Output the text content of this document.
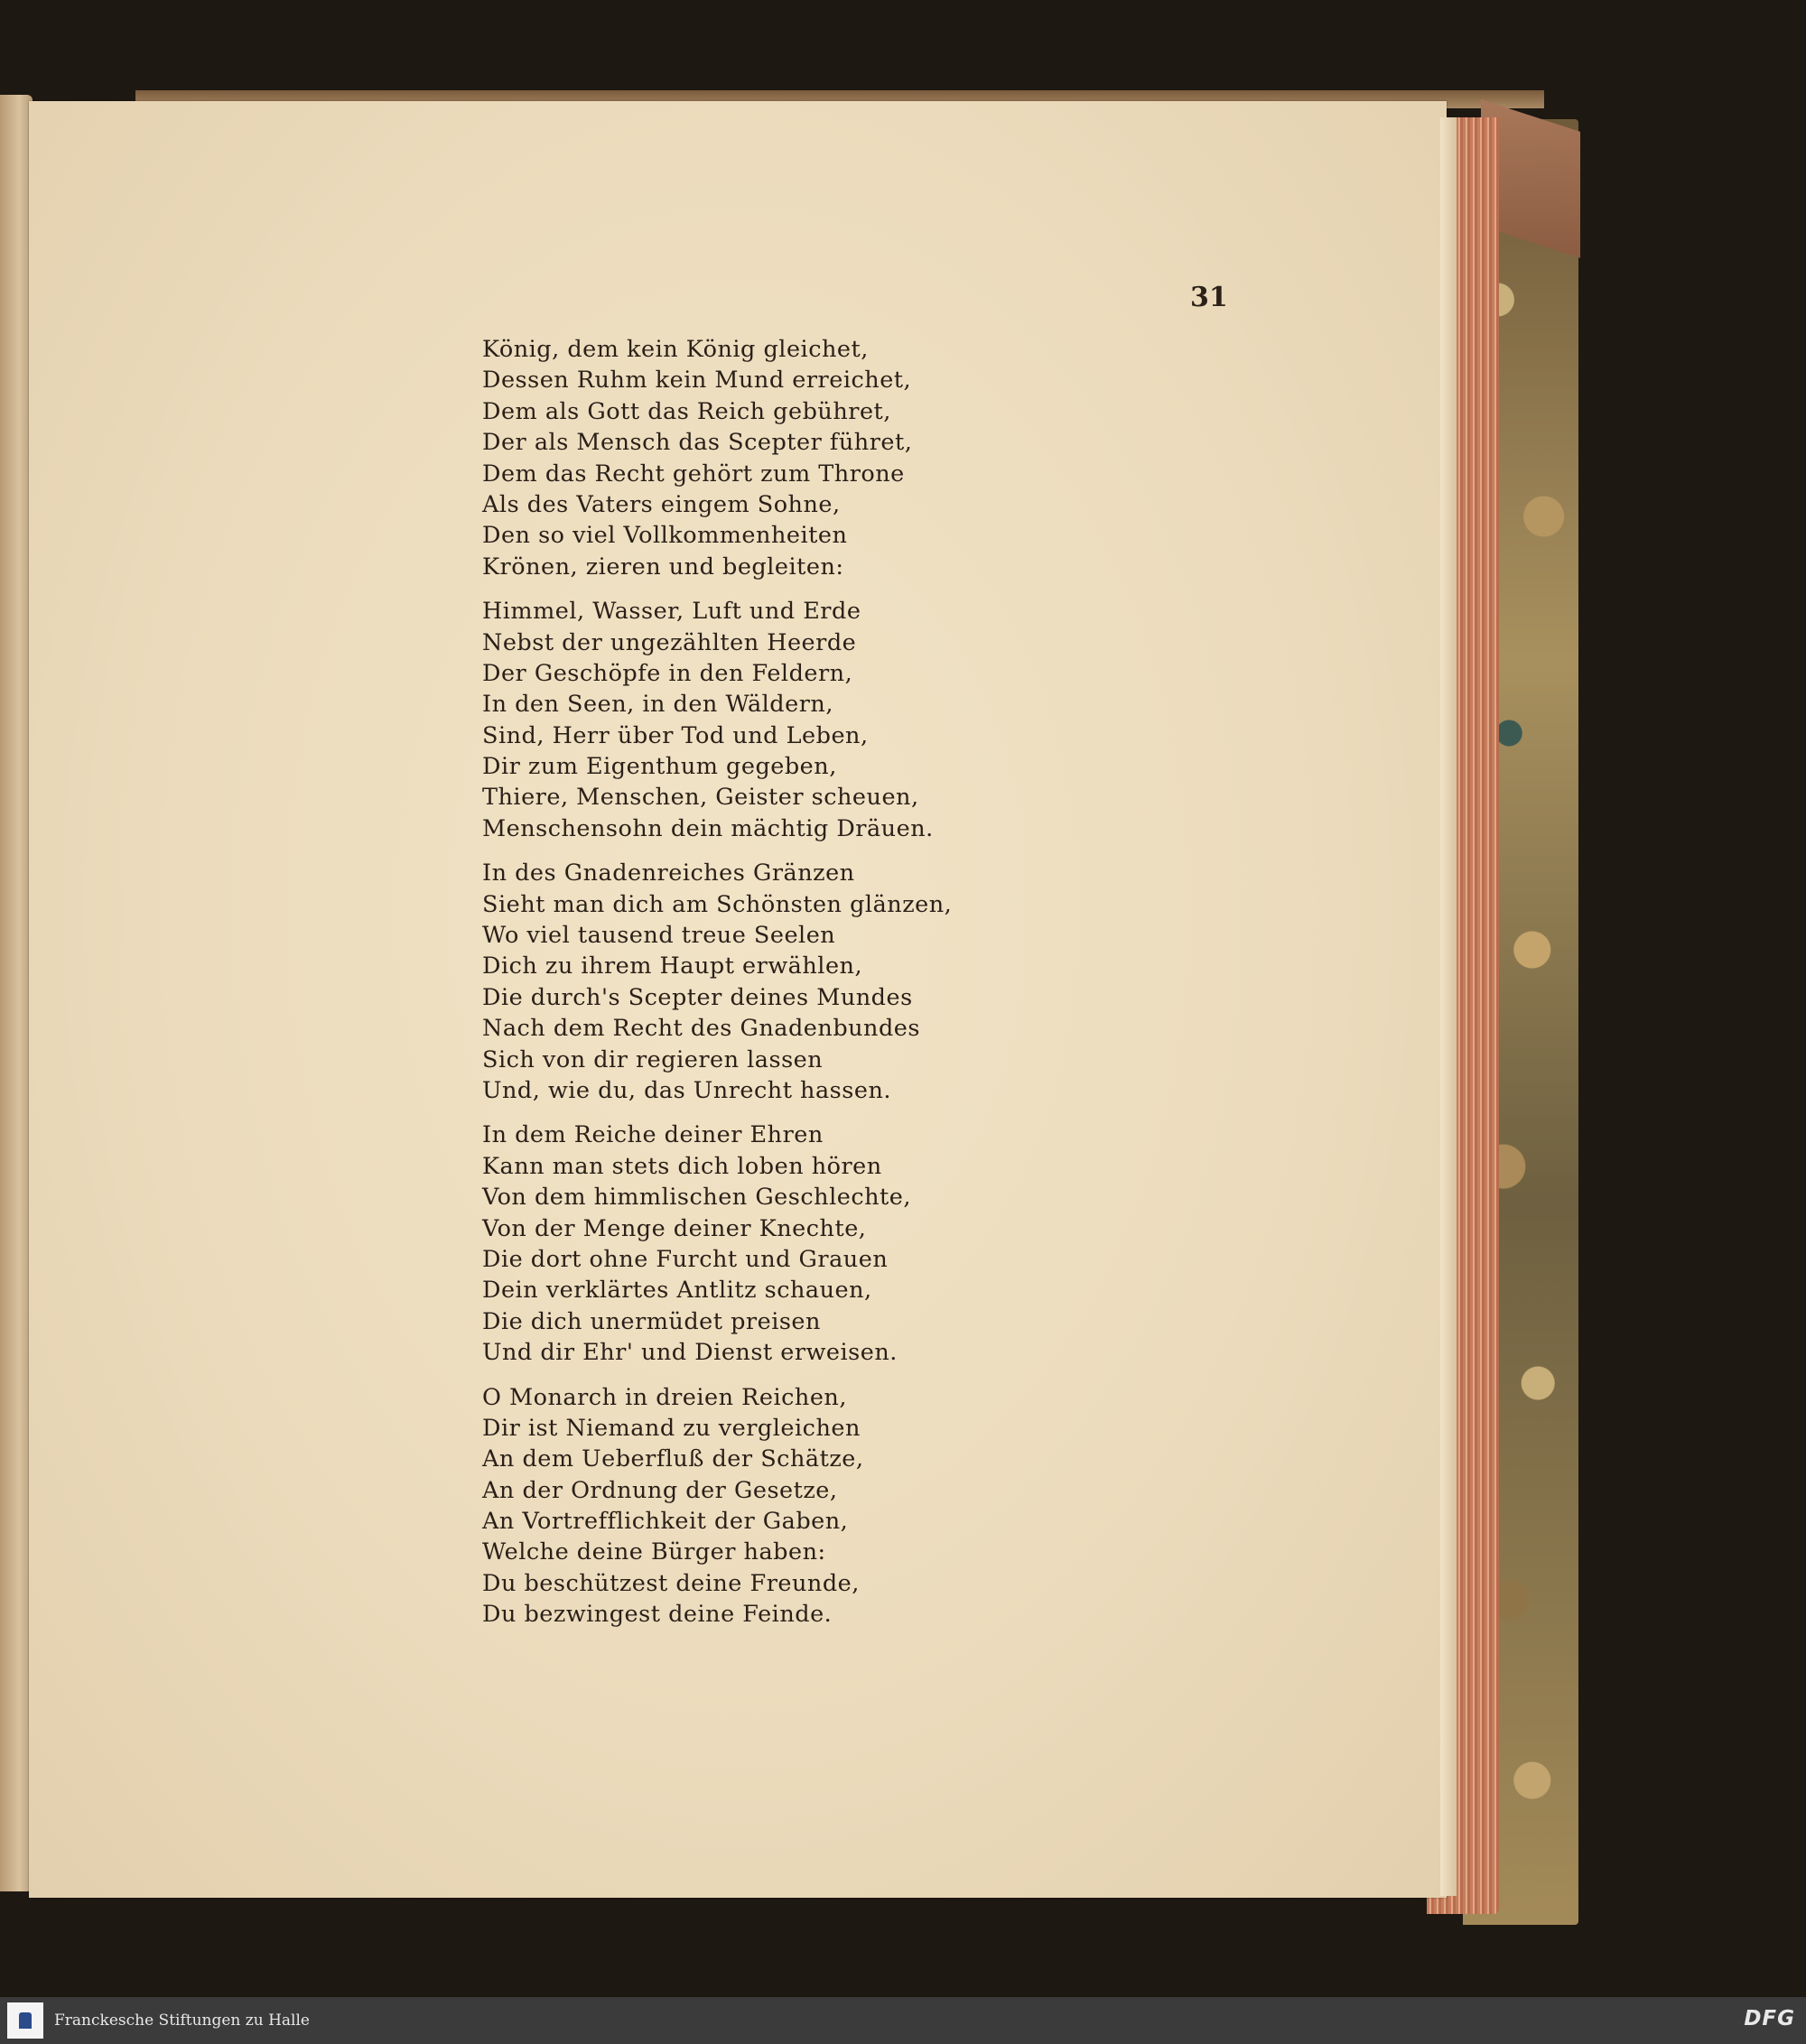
31
König, dem kein König gleichet,
Dessen Ruhm kein Mund erreichet,
Dem als Gott das Reich gebühret,
Der als Mensch das Scepter führet,
Dem das Recht gehört zum Throne
Als des Vaters eingem Sohne,
Den so viel Vollkommenheiten
Krönen, zieren und begleiten:
Himmel, Wasser, Luft und Erde
Nebst der ungezählten Heerde
Der Geschöpfe in den Feldern,
In den Seen, in den Wäldern,
Sind, Herr über Tod und Leben,
Dir zum Eigenthum gegeben,
Thiere, Menschen, Geister scheuen,
Menschensohn dein mächtig Dräuen.
In des Gnadenreiches Gränzen
Sieht man dich am Schönsten glänzen,
Wo viel tausend treue Seelen
Dich zu ihrem Haupt erwählen,
Die durch's Scepter deines Mundes
Nach dem Recht des Gnadenbundes
Sich von dir regieren lassen
Und, wie du, das Unrecht hassen.
In dem Reiche deiner Ehren
Kann man stets dich loben hören
Von dem himmlischen Geschlechte,
Von der Menge deiner Knechte,
Die dort ohne Furcht und Grauen
Dein verklärtes Antlitz schauen,
Die dich unermüdet preisen
Und dir Ehr' und Dienst erweisen.
O Monarch in dreien Reichen,
Dir ist Niemand zu vergleichen
An dem Ueberfluß der Schätze,
An der Ordnung der Gesetze,
An Vortrefflichkeit der Gaben,
Welche deine Bürger haben:
Du beschützest deine Freunde,
Du bezwingest deine Feinde.
Franckesche Stiftungen zu Halle	DFG
